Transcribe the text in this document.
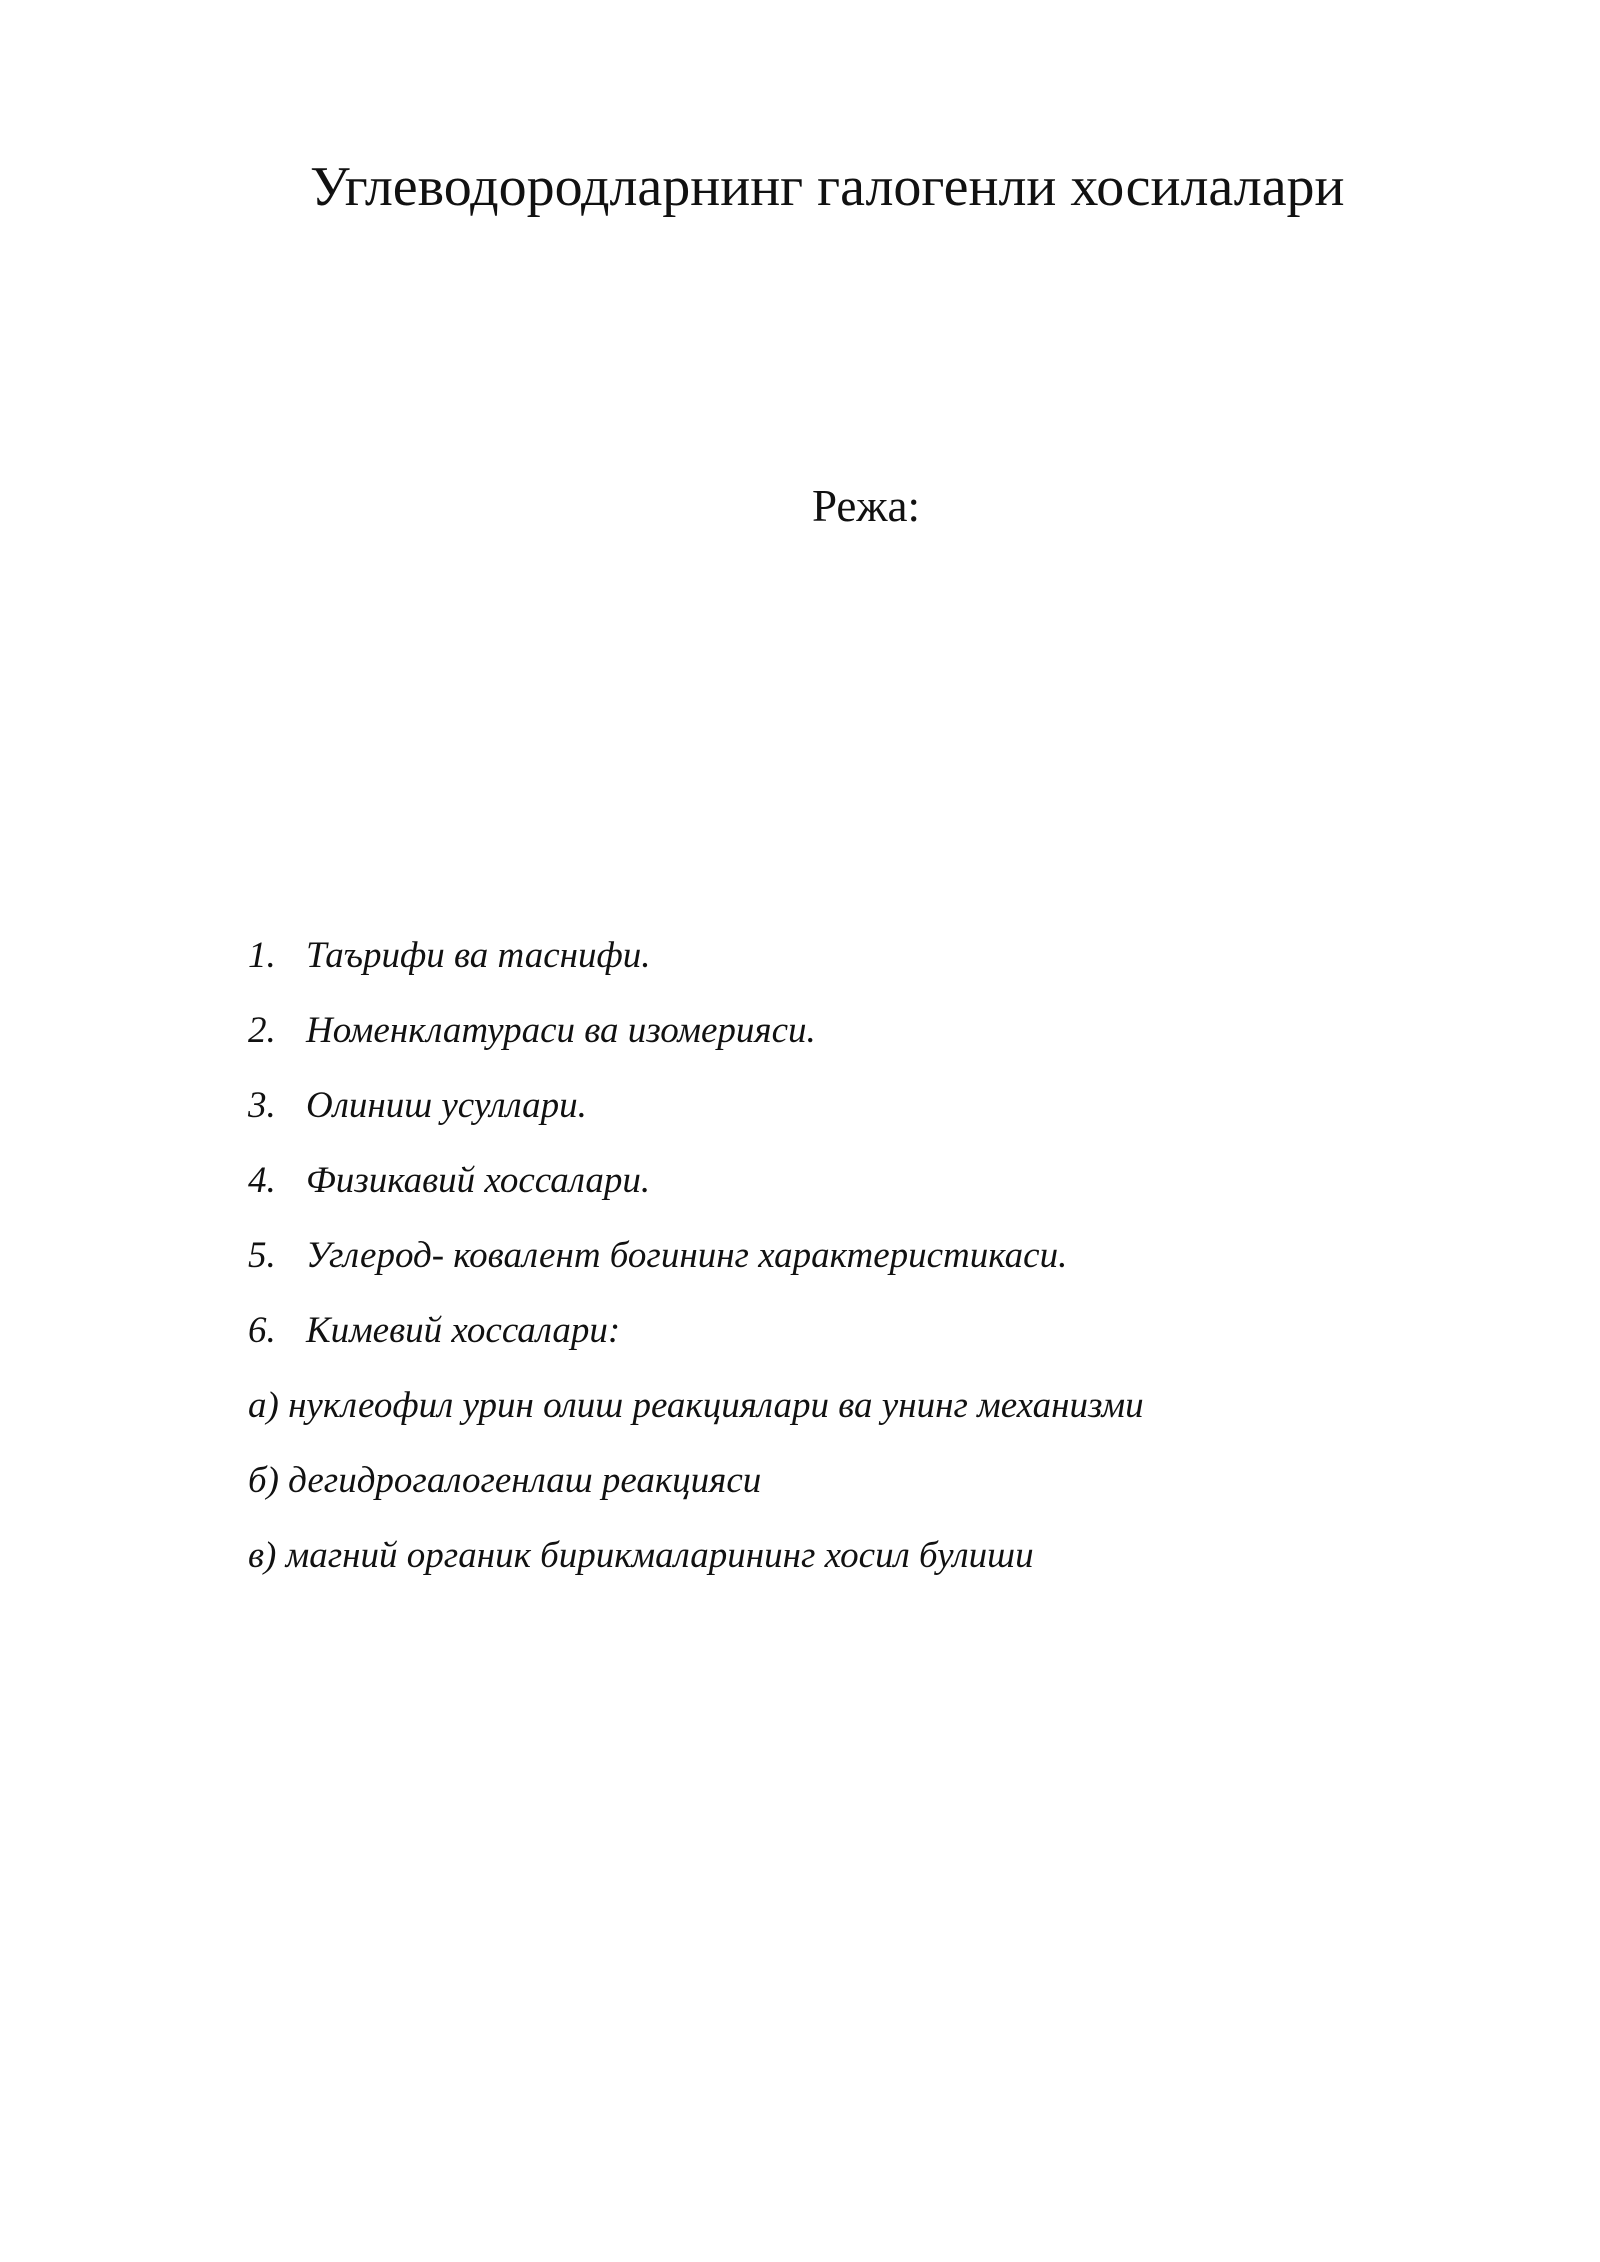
Углеводородларнинг галогенли хосилалари
Режа:
1. Таърифи ва таснифи.
2. Номенклатураси ва изомерияси.
3. Олиниш усуллари.
4. Физикавий хоссалари.
5. Углерод- ковалент богининг характеристикаси.
6. Кимевий хоссалари:
а) нуклеофил урин олиш реакциялари ва унинг механизми
б) дегидрогалогенлаш реакцияси
в) магний органик бирикмаларининг хосил булиши
